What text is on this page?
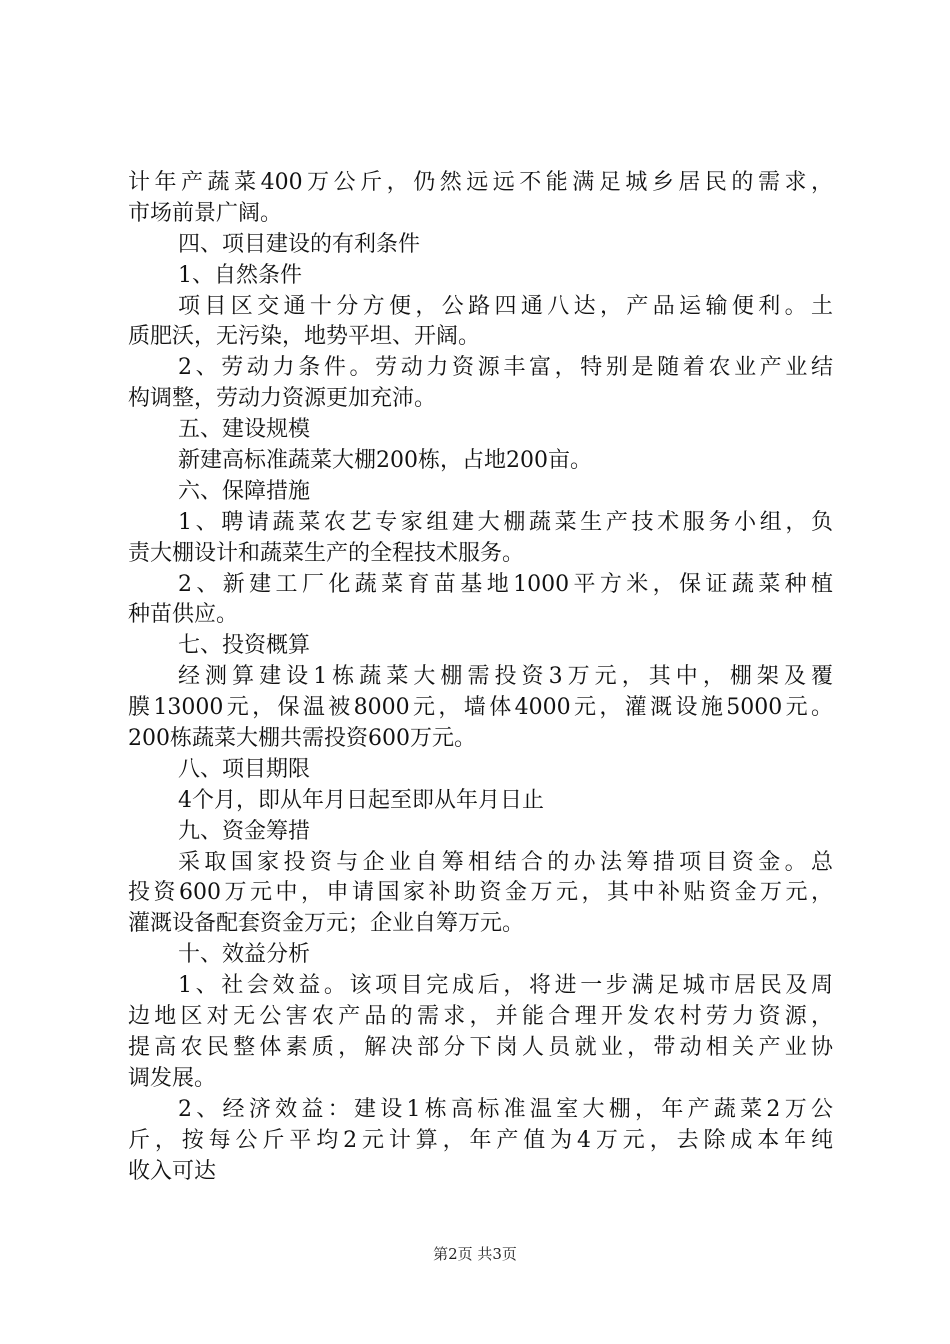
计年产蔬菜400万公斤，仍然远远不能满足城乡居民的需求，
市场前景广阔。
四、项目建设的有利条件
1、自然条件
项目区交通十分方便，公路四通八达，产品运输便利。土
质肥沃，无污染，地势平坦、开阔。
2、劳动力条件。劳动力资源丰富，特别是随着农业产业结
构调整，劳动力资源更加充沛。
五、建设规模
新建高标准蔬菜大棚200栋，占地200亩。
六、保障措施
1、聘请蔬菜农艺专家组建大棚蔬菜生产技术服务小组，负
责大棚设计和蔬菜生产的全程技术服务。
2、新建工厂化蔬菜育苗基地1000平方米，保证蔬菜种植
种苗供应。
七、投资概算
经测算建设1栋蔬菜大棚需投资3万元，其中，棚架及覆
膜13000元，保温被8000元，墙体4000元，灌溉设施5000元。
200栋蔬菜大棚共需投资600万元。
八、项目期限
4个月，即从年月日起至即从年月日止
九、资金筹措
采取国家投资与企业自筹相结合的办法筹措项目资金。总
投资600万元中，申请国家补助资金万元，其中补贴资金万元，
灌溉设备配套资金万元；企业自筹万元。
十、效益分析
1、社会效益。该项目完成后，将进一步满足城市居民及周
边地区对无公害农产品的需求，并能合理开发农村劳力资源，
提高农民整体素质，解决部分下岗人员就业，带动相关产业协
调发展。
2、经济效益：建设1栋高标准温室大棚，年产蔬菜2万公
斤，按每公斤平均2元计算，年产值为4万元，去除成本年纯
收入可达
第2页 共3页
